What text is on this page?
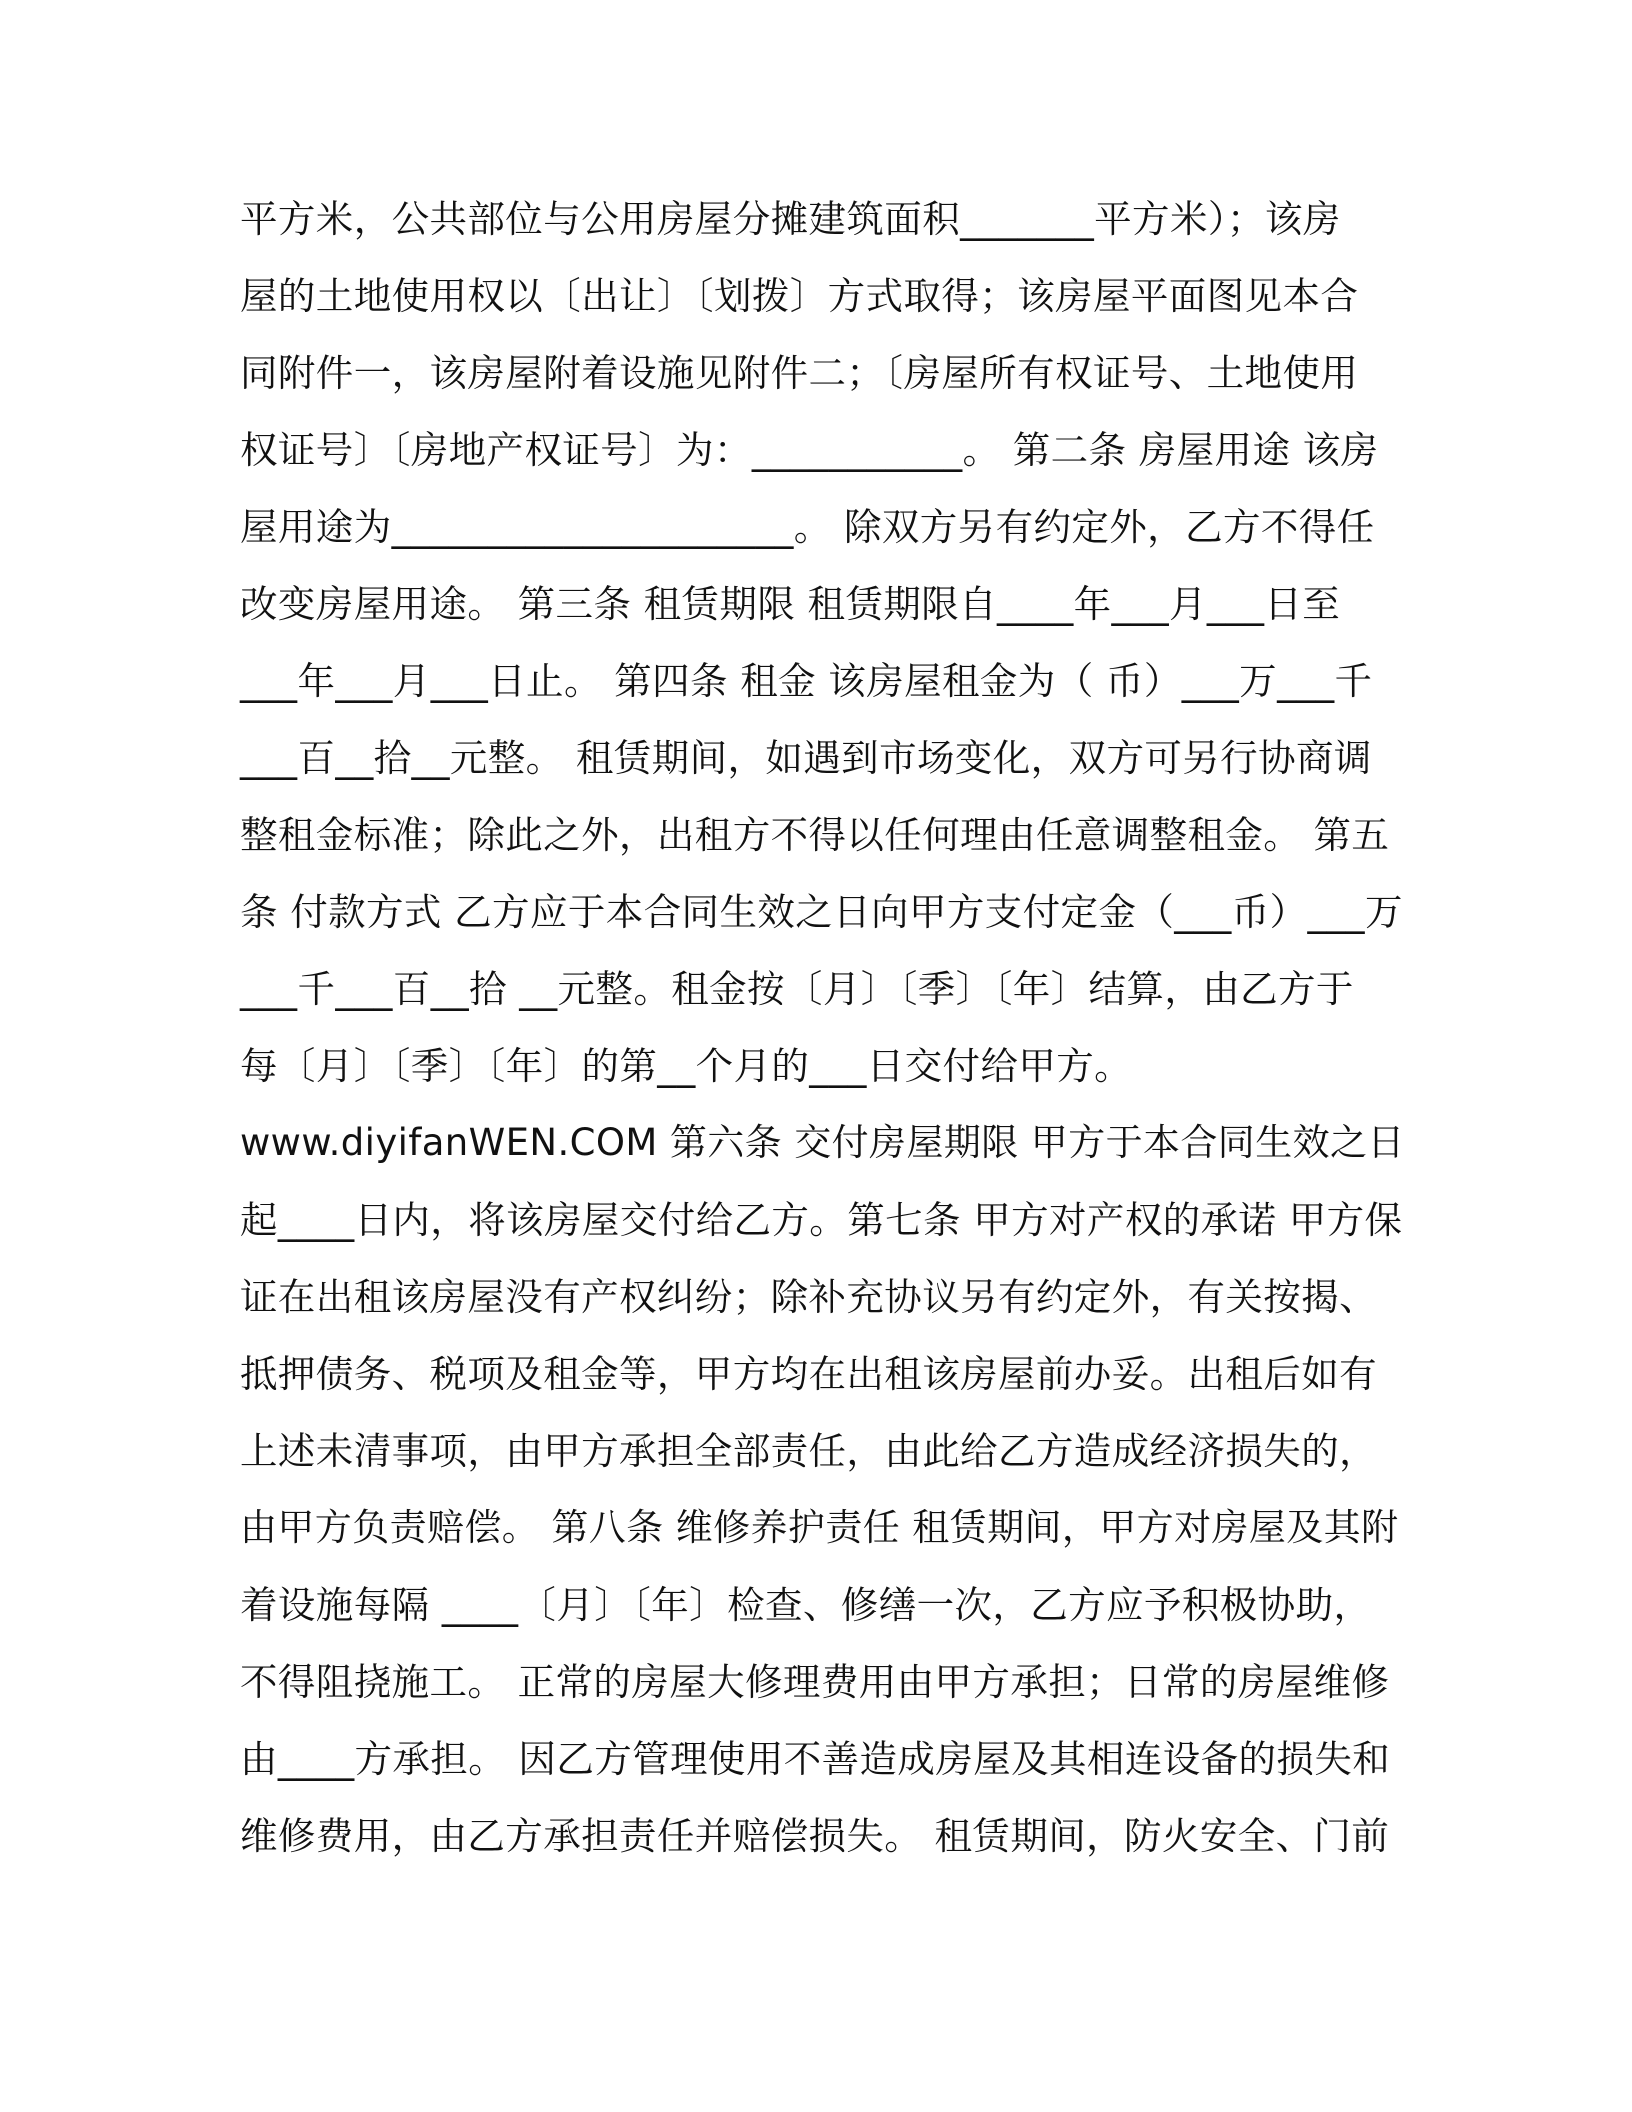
平方米，公共部位与公用房屋分摊建筑面积_______平方米）；该房
屋的土地使用权以〔出让〕〔划拨〕方式取得；该房屋平面图见本合
同附件一，该房屋附着设施见附件二；〔房屋所有权证号、土地使用
权证号〕〔房地产权证号〕为：___________。 第二条 房屋用途 该房
屋用途为_____________________。 除双方另有约定外，乙方不得任
改变房屋用途。 第三条 租赁期限 租赁期限自____年___月___日至
___年___月___日止。 第四条 租金 该房屋租金为（ 币）___万___千
___百__拾__元整。 租赁期间，如遇到市场变化，双方可另行协商调
整租金标准；除此之外，出租方不得以任何理由任意调整租金。 第五
条 付款方式 乙方应于本合同生效之日向甲方支付定金（___币）___万
___千___百__拾 __元整。租金按〔月〕〔季〕〔年〕结算，由乙方于
每〔月〕〔季〕〔年〕的第__个月的___日交付给甲方。
www.diyifanWEN.COM 第六条 交付房屋期限 甲方于本合同生效之日
起____日内，将该房屋交付给乙方。第七条 甲方对产权的承诺 甲方保
证在出租该房屋没有产权纠纷；除补充协议另有约定外，有关按揭、
抵押债务、税项及租金等，甲方均在出租该房屋前办妥。出租后如有
上述未清事项，由甲方承担全部责任，由此给乙方造成经济损失的，
由甲方负责赔偿。 第八条 维修养护责任 租赁期间，甲方对房屋及其附
着设施每隔 ____〔月〕〔年〕检查、修缮一次，乙方应予积极协助，
不得阻挠施工。 正常的房屋大修理费用由甲方承担；日常的房屋维修
由____方承担。 因乙方管理使用不善造成房屋及其相连设备的损失和
维修费用，由乙方承担责任并赔偿损失。 租赁期间，防火安全、门前
